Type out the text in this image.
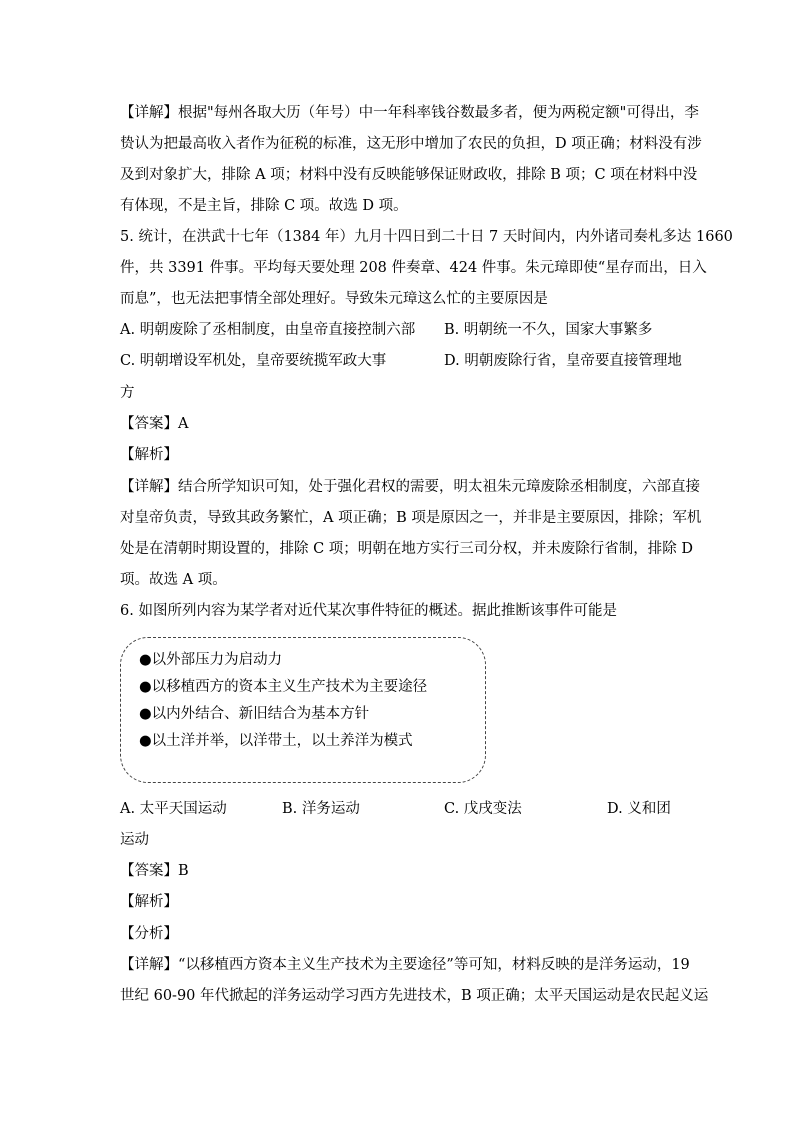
【详解】根据"每州各取大历（年号）中一年科率钱谷数最多者，便为两税定额"可得出，李
贽认为把最高收入者作为征税的标准，这无形中增加了农民的负担，D 项正确；材料没有涉
及到对象扩大，排除 A 项；材料中没有反映能够保证财政收，排除 B 项；C 项在材料中没
有体现，不是主旨，排除 C 项。故选 D 项。
5. 统计，在洪武十七年（1384 年）九月十四日到二十日 7 天时间内，内外诸司奏札多达 1660
件，共 3391 件事。平均每天要处理 208 件奏章、424 件事。朱元璋即使“星存而出，日入
而息”，也无法把事情全部处理好。导致朱元璋这么忙的主要原因是
A. 明朝废除了丞相制度，由皇帝直接控制六部 B. 明朝统一不久，国家大事繁多
C. 明朝增设军机处，皇帝要统揽军政大事	D. 明朝废除行省，皇帝要直接管理地
方
【答案】A
【解析】
【详解】结合所学知识可知，处于强化君权的需要，明太祖朱元璋废除丞相制度，六部直接
对皇帝负责，导致其政务繁忙，A 项正确；B 项是原因之一，并非是主要原因，排除；军机
处是在清朝时期设置的，排除 C 项；明朝在地方实行三司分权，并未废除行省制，排除 D
项。故选 A 项。
6. 如图所列内容为某学者对近代某次事件特征的概述。据此推断该事件可能是
●以外部压力为启动力
●以移植西方的资本主义生产技术为主要途径
●以内外结合、新旧结合为基本方针
●以土洋并举，以洋带土，以土养洋为模式
A. 太平天国运动	B. 洋务运动	C. 戊戌变法	D. 义和团
运动
【答案】B
【解析】
【分析】
【详解】“以移植西方资本主义生产技术为主要途径”等可知，材料反映的是洋务运动，19
世纪 60-90 年代掀起的洋务运动学习西方先进技术，B 项正确；太平天国运动是农民起义运
